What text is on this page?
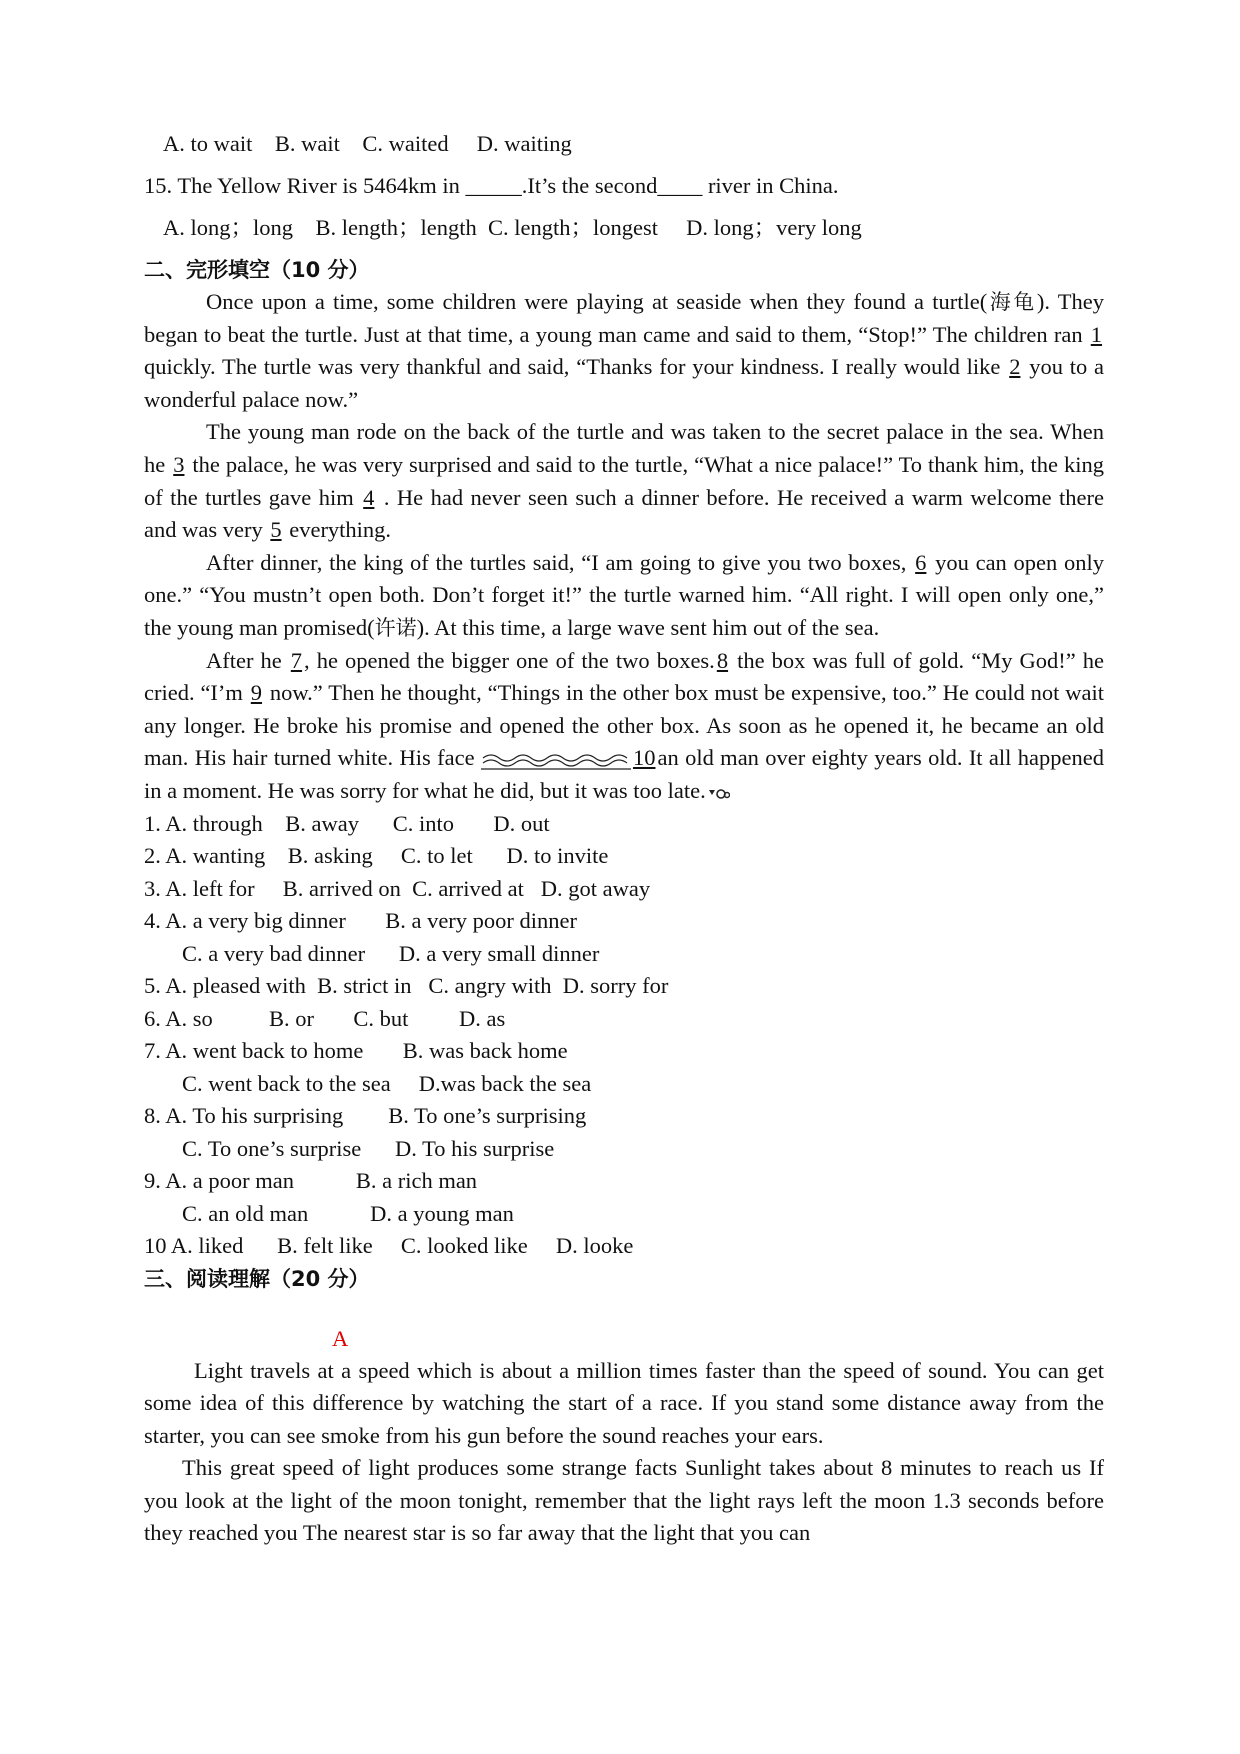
A. to wait    B. wait    C. waited     D. waiting
15. The Yellow River is 5464km in _____.It’s the second____ river in China.
A. long；long    B. length；length  C. length；longest     D. long；very long
二、完形填空（10 分）

Once upon a time, some children were playing at seaside when they found a turtle(海龟). They began to beat the turtle. Just at that time, a young man came and said to them, “Stop!” The children ran 1 quickly. The turtle was very thankful and said, “Thanks for your kindness. I really would like 2 you to a wonderful palace now.”

The young man rode on the back of the turtle and was taken to the secret palace in the sea. When he 3 the palace, he was very surprised and said to the turtle, “What a nice palace!” To thank him, the king of the turtles gave him 4 . He had never seen such a dinner before. He received a warm welcome there and was very 5 everything.

After dinner, the king of the turtles said, “I am going to give you two boxes, 6 you can open only one.” “You mustn’t open both. Don’t forget it!” the turtle warned him. “All right. I will open only one,” the young man promised(许诺). At this time, a large wave sent him out of the sea.

After he 7, he opened the bigger one of the two boxes.8 the box was full of gold. “My God!” he cried. “I’m 9 now.” Then he thought, “Things in the other box must be expensive, too.” He could not wait any longer. He broke his promise and opened the other box. As soon as he opened it, he became an old man. His hair turned white. His face	10an old man over eighty years old. It all happened in a moment. He was sorry for what he did, but it was too late.

1. A. through    B. away      C. into       D. out
2. A. wanting    B. asking     C. to let      D. to invite
3. A. left for     B. arrived on  C. arrived at   D. got away
4. A. a very big dinner       B. a very poor dinner
C. a very bad dinner      D. a very small dinner
5. A. pleased with  B. strict in   C. angry with  D. sorry for
6. A. so          B. or       C. but         D. as
7. A. went back to home       B. was back home
C. went back to the sea     D.was back the sea
8. A. To his surprising        B. To one’s surprising
C. To one’s surprise      D. To his surprise
9. A. a poor man           B. a rich man
C. an old man           D. a young man
10 A. liked      B. felt like     C. looked like     D. looke
三、阅读理解（20 分）
A

Light travels at a speed which is about a million times faster than the speed of sound. You can get some idea of this difference by watching the start of a race. If you stand some distance away from the starter, you can see smoke from his gun before the sound reaches your ears.

This great speed of light produces some strange facts Sunlight takes about 8 minutes to reach us If you look at the light of the moon tonight, remember that the light rays left the moon 1.3 seconds before they reached you The nearest star is so far away that the light that you can
